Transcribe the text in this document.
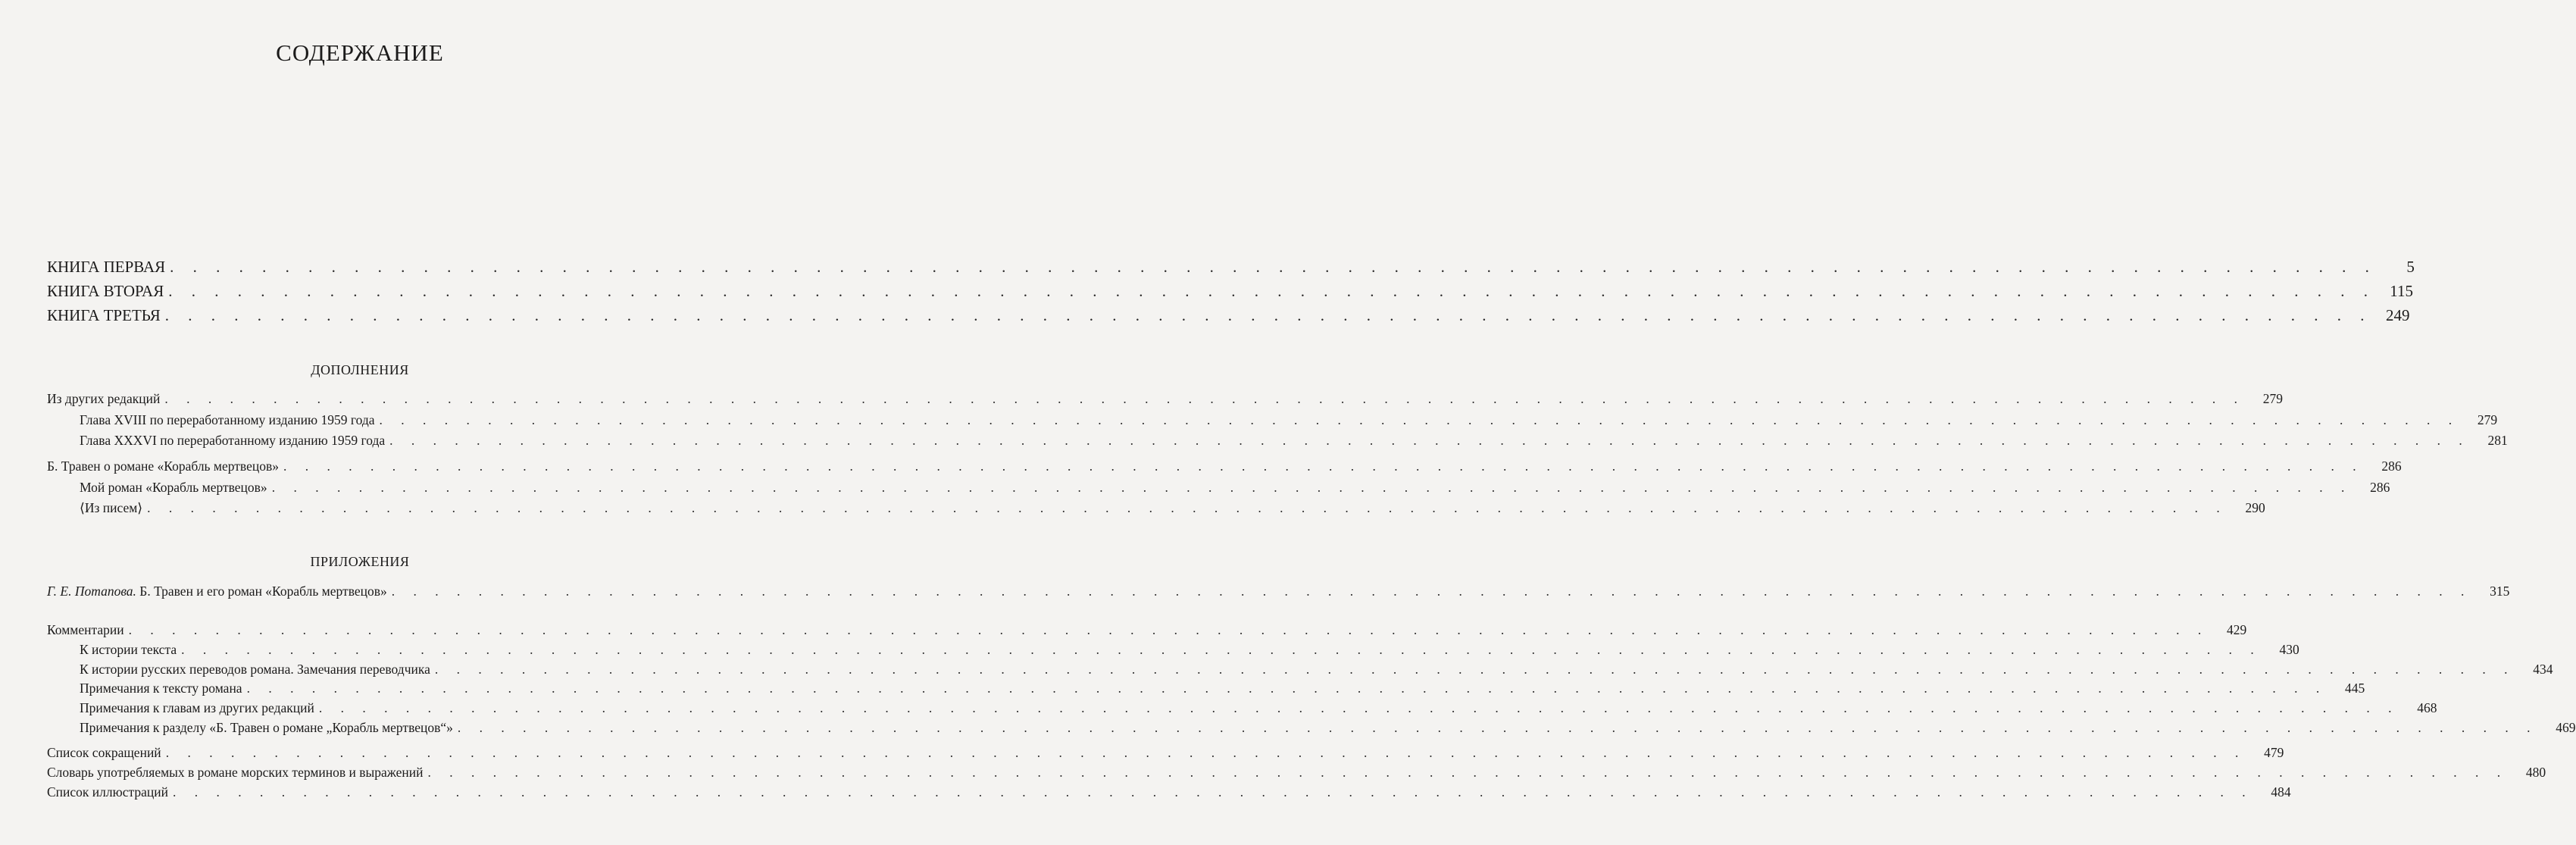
СОДЕРЖАНИЕ
КНИГА ПЕРВАЯ . . . . . . . . . . . . . . . . . . . . . . . . . . . . . . . . . . . . . . . . . . . . . . . . . . . . . . . . . . . . . . . . . . . . . . . . . . . . . . . . . . . . . . . . . . . . . . . .	5
КНИГА ВТОРАЯ . . . . . . . . . . . . . . . . . . . . . . . . . . . . . . . . . . . . . . . . . . . . . . . . . . . . . . . . . . . . . . . . . . . . . . . . . . . . . . . . . . . . . . . . . . . . . . . . 115
КНИГА ТРЕТЬЯ . . . . . . . . . . . . . . . . . . . . . . . . . . . . . . . . . . . . . . . . . . . . . . . . . . . . . . . . . . . . . . . . . . . . . . . . . . . . . . . . . . . . . . . . . . . . . . . . 249
ДОПОЛНЕНИЯ
Из других редакций . . . . . . . . . . . . . . . . . . . . . . . . . . . . . . . . . . . . . . . . . . . . . . . . . . . . . . . . . . . . . . . . . . . . . . . . . . . . . . . . . . . . . . . . . . . . . . . .	279
Глава XVIII по переработанному изданию 1959 года . . . . . . . . . . . . . . . . . . . . . . . . . . . . . . . . . . . . . . . . . . . . . . . . . . . . . . . . . . . . . . . . . . . . . . . . . . . . . . . . . . . . . . . . . . . . . . . .	279
Глава XXXVI по переработанному изданию 1959 года . . . . . . . . . . . . . . . . . . . . . . . . . . . . . . . . . . . . . . . . . . . . . . . . . . . . . . . . . . . . . . . . . . . . . . . . . . . . . . . . . . . . . . . . . . . . . . . .	281
Б. Травен о романе «Корабль мертвецов» . . . . . . . . . . . . . . . . . . . . . . . . . . . . . . . . . . . . . . . . . . . . . . . . . . . . . . . . . . . . . . . . . . . . . . . . . . . . . . . . . . . . . . . . . . . . . . . .	286
Мой роман «Корабль мертвецов» . . . . . . . . . . . . . . . . . . . . . . . . . . . . . . . . . . . . . . . . . . . . . . . . . . . . . . . . . . . . . . . . . . . . . . . . . . . . . . . . . . . . . . . . . . . . . . . .	286
⟨Из писем⟩ . . . . . . . . . . . . . . . . . . . . . . . . . . . . . . . . . . . . . . . . . . . . . . . . . . . . . . . . . . . . . . . . . . . . . . . . . . . . . . . . . . . . . . . . . . . . . . . .	290
ПРИЛОЖЕНИЯ
Г. Е. Потапова. Б. Травен и его роман «Корабль мертвецов» . . . . . . . . . . . . . . . . . . . . . . . . . . . . . . . . . . . . . . . . . . . . . . . . . . . . . . . . . . . . . . . . . . . . . . . . . . . . . . . . . . . . . . . . . . . . . . . .	315
Комментарии . . . . . . . . . . . . . . . . . . . . . . . . . . . . . . . . . . . . . . . . . . . . . . . . . . . . . . . . . . . . . . . . . . . . . . . . . . . . . . . . . . . . . . . . . . . . . . . .	429
К истории текста . . . . . . . . . . . . . . . . . . . . . . . . . . . . . . . . . . . . . . . . . . . . . . . . . . . . . . . . . . . . . . . . . . . . . . . . . . . . . . . . . . . . . . . . . . . . . . . .	430
К истории русских переводов романа. Замечания переводчика . . . . . . . . . . . . . . . . . . . . . . . . . . . . . . . . . . . . . . . . . . . . . . . . . . . . . . . . . . . . . . . . . . . . . . . . . . . . . . . . . . . . . . . . . . . . . . . .	434
Примечания к тексту романа . . . . . . . . . . . . . . . . . . . . . . . . . . . . . . . . . . . . . . . . . . . . . . . . . . . . . . . . . . . . . . . . . . . . . . . . . . . . . . . . . . . . . . . . . . . . . . . .	445
Примечания к главам из других редакций . . . . . . . . . . . . . . . . . . . . . . . . . . . . . . . . . . . . . . . . . . . . . . . . . . . . . . . . . . . . . . . . . . . . . . . . . . . . . . . . . . . . . . . . . . . . . . . .	468
Примечания к разделу «Б. Травен о романе „Корабль мертвецов“» . . . . . . . . . . . . . . . . . . . . . . . . . . . . . . . . . . . . . . . . . . . . . . . . . . . . . . . . . . . . . . . . . . . . . . . . . . . . . . . . . . . . . . . . . . . . . . . .	469
Список сокращений . . . . . . . . . . . . . . . . . . . . . . . . . . . . . . . . . . . . . . . . . . . . . . . . . . . . . . . . . . . . . . . . . . . . . . . . . . . . . . . . . . . . . . . . . . . . . . . .	479
Словарь употребляемых в романе морских терминов и выражений . . . . . . . . . . . . . . . . . . . . . . . . . . . . . . . . . . . . . . . . . . . . . . . . . . . . . . . . . . . . . . . . . . . . . . . . . . . . . . . . . . . . . . . . . . . . . . . .	480
Список иллюстраций . . . . . . . . . . . . . . . . . . . . . . . . . . . . . . . . . . . . . . . . . . . . . . . . . . . . . . . . . . . . . . . . . . . . . . . . . . . . . . . . . . . . . . . . . . . . . . . .	484
